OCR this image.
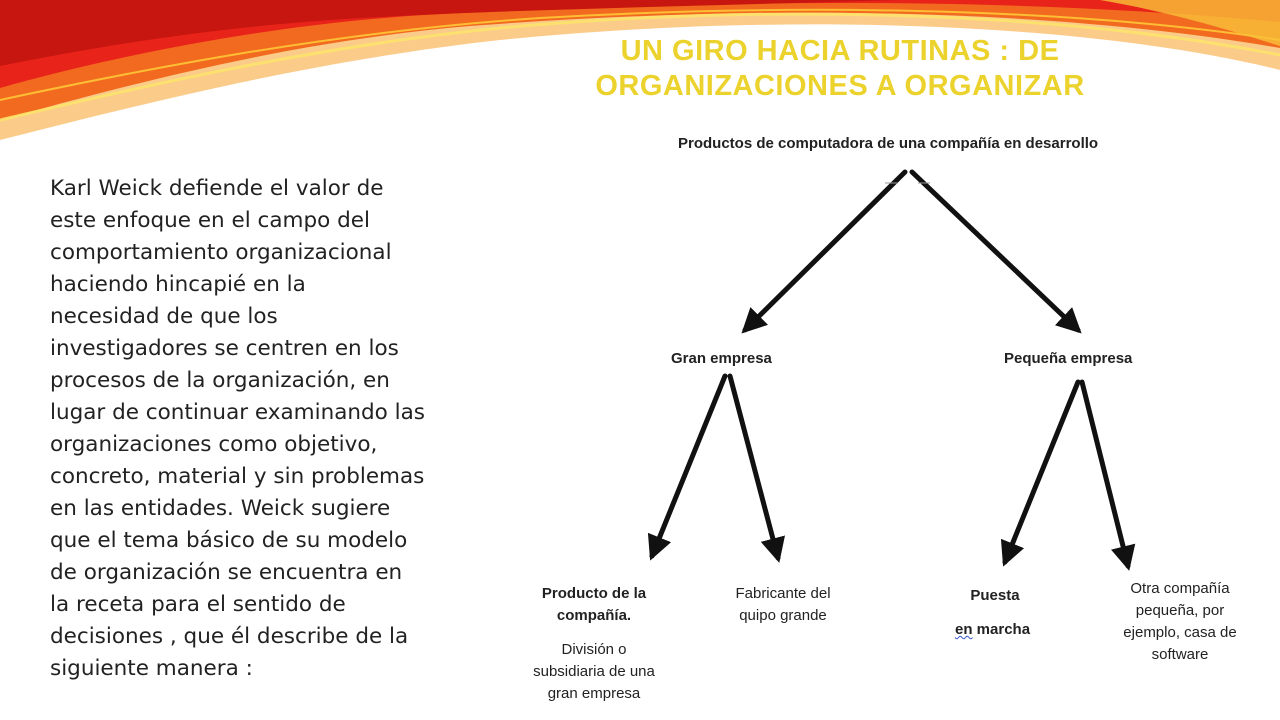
UN GIRO HACIA RUTINAS : DE
ORGANIZACIONES A ORGANIZAR
Karl Weick defiende el valor de
este enfoque en el campo del
comportamiento organizacional
haciendo hincapié en la
necesidad de que los
investigadores se centren en los
procesos de la organización, en
lugar de continuar examinando las
organizaciones como objetivo,
concreto, material y sin problemas
en las entidades. Weick sugiere
que el tema básico de su modelo
de organización se encuentra en
la receta para el sentido de
decisiones , que él describe de la
siguiente manera :
Productos de computadora de una compañía en desarrollo
Gran empresa	Pequeña empresa
Producto de la
compañía.
División o
subsidiaria de una
gran empresa
Fabricante del
quipo grande
Puesta
en marcha
Otra compañía
pequeña, por
ejemplo, casa de
software
